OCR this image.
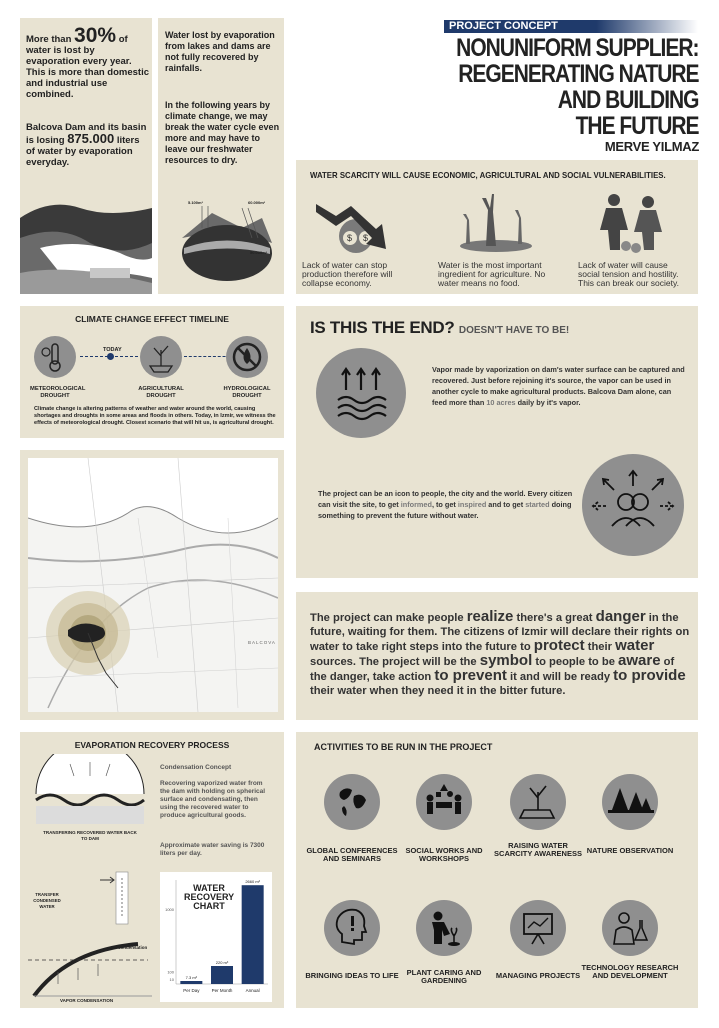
More than 30% of water is lost by evaporation every year. This is more than domestic and industrial use combined.
Balcova Dam and its basin is losing 875.000 liters of water by evaporation everyday.
Water lost by evaporation from lakes and dams are not fully recovered by rainfalls.
In the following years by climate change, we may break the water cycle even more and may have to leave our freshwater resources to dry.
5.100m³	60.000m³
50.000m³
PROJECT CONCEPT
NONUNIFORM SUPPLIER:
REGENERATING NATURE
AND BUILDING
THE FUTURE
MERVE YILMAZ
WATER SCARCITY WILL CAUSE ECONOMIC, AGRICULTURAL AND SOCIAL VULNERABILITIES.
$ $
Lack of water can stop production therefore will collapse economy.
Water is the most important ingredient for agriculture. No water means no food.
Lack of water will cause social tension and hostility. This can break our society.
CLIMATE CHANGE EFFECT TIMELINE
TODAY
METEOROLOGICAL DROUGHT
AGRICULTURAL DROUGHT
HYDROLOGICAL DROUGHT
Climate change is altering patterns of weather and water around the world, causing shortages and droughts in some areas and floods in others. Today, in Izmir, we witness the effects of meteorological drought. Closest scenario that will hit us, is agricultural drought.
IS THIS THE END? DOESN'T HAVE TO BE!
Vapor made by vaporization on dam's water surface can be captured and recovered. Just before rejoining it's source, the vapor can be used in another cycle to make agricultural products. Balcova Dam alone, can feed more than 10 acres daily by it's vapor.
The project can be an icon to people, the city and the world. Every citizen can visit the site, to get informed, to get inspired and to get started doing something to prevent the future without water.
BALCOVA
The project can make people realize there's a great danger in the future, waiting for them. The citizens of Izmir will declare their rights on water to take right steps into the future to protect their water sources. The project will be the symbol to people to be aware of the danger, take action to prevent it and will be ready to provide their water when they need it in the bitter future.
EVAPORATION RECOVERY PROCESS
TRANSFERING RECOVERED WATER BACK TO DAM
Condensation Concept
Recovering vaporized water from the dam with holding on spherical surface and condensating, then using the recovered water to produce agricultural goods.
Approximate water saving is 7300 liters per day.
TRANSFER CONDENSED WATER
condensation
VAPOR CONDENSATION
WATER RECOVERY CHART
1000
100
10	7.3 m³
Per Day
220 m³
Per Month
2660 m³
Annual
ACTIVITIES TO BE RUN IN THE PROJECT
GLOBAL CONFERENCES AND SEMINARS
SOCIAL WORKS AND WORKSHOPS
RAISING WATER SCARCITY AWARENESS NATURE OBSERVATION
BRINGING IDEAS TO LIFE	PLANT CARING AND GARDENING
MANAGING PROJECTS
TECHNOLOGY RESEARCH AND DEVELOPMENT
